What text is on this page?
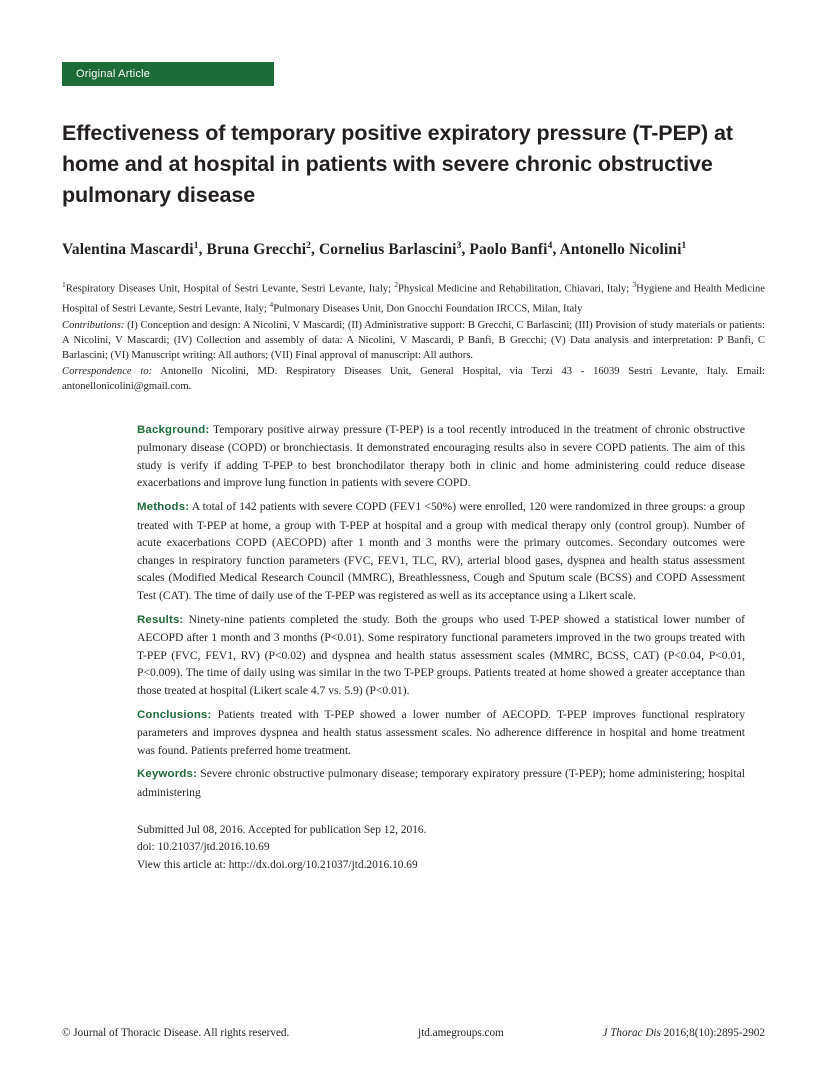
Original Article
Effectiveness of temporary positive expiratory pressure (T-PEP) at home and at hospital in patients with severe chronic obstructive pulmonary disease
Valentina Mascardi$^1$, Bruna Grecchi$^2$, Cornelius Barlascini$^3$, Paolo Banfi$^4$, Antonello Nicolini$^1$

$^1$Respiratory Diseases Unit, Hospital of Sestri Levante, Sestri Levante, Italy; $^2$Physical Medicine and Rehabilitation, Chiavari, Italy; $^3$Hygiene and Health Medicine Hospital of Sestri Levante, Sestri Levante, Italy; $^4$Pulmonary Diseases Unit, Don Gnocchi Foundation IRCCS, Milan, Italy

Contributions: (I) Conception and design: A Nicolini, V Mascardi; (II) Administrative support: B Grecchi, C Barlascini; (III) Provision of study materials or patients: A Nicolini, V Mascardi; (IV) Collection and assembly of data: A Nicolini, V Mascardi, P Banfi, B Grecchi; (V) Data analysis and interpretation: P Banfi, C Barlascini; (VI) Manuscript writing: All authors; (VII) Final approval of manuscript: All authors.

Correspondence to: Antonello Nicolini, MD. Respiratory Diseases Unit, General Hospital, via Terzi 43 - 16039 Sestri Levante, Italy. Email: antonellonicolini@gmail.com.

Background: Temporary positive airway pressure (T-PEP) is a tool recently introduced in the treatment of chronic obstructive pulmonary disease (COPD) or bronchiectasis. It demonstrated encouraging results also in severe COPD patients. The aim of this study is verify if adding T-PEP to best bronchodilator therapy both in clinic and home administering could reduce disease exacerbations and improve lung function in patients with severe COPD.

Methods: A total of 142 patients with severe COPD (FEV1 <50%) were enrolled, 120 were randomized in three groups: a group treated with T-PEP at home, a group with T-PEP at hospital and a group with medical therapy only (control group). Number of acute exacerbations COPD (AECOPD) after 1 month and 3 months were the primary outcomes. Secondary outcomes were changes in respiratory function parameters (FVC, FEV1, TLC, RV), arterial blood gases, dyspnea and health status assessment scales (Modified Medical Research Council (MMRC), Breathlessness, Cough and Sputum scale (BCSS) and COPD Assessment Test (CAT). The time of daily use of the T-PEP was registered as well as its acceptance using a Likert scale.

Results: Ninety-nine patients completed the study. Both the groups who used T-PEP showed a statistical lower number of AECOPD after 1 month and 3 months (P<0.01). Some respiratory functional parameters improved in the two groups treated with T-PEP (FVC, FEV1, RV) (P<0.02) and dyspnea and health status assessment scales (MMRC, BCSS, CAT) (P<0.04, P<0.01, P<0.009). The time of daily using was similar in the two T-PEP groups. Patients treated at home showed a greater acceptance than those treated at hospital (Likert scale 4.7 vs. 5.9) (P<0.01).

Conclusions: Patients treated with T-PEP showed a lower number of AECOPD. T-PEP improves functional respiratory parameters and improves dyspnea and health status assessment scales. No adherence difference in hospital and home treatment was found. Patients preferred home treatment.

Keywords: Severe chronic obstructive pulmonary disease; temporary expiratory pressure (T-PEP); home administering; hospital administering

Submitted Jul 08, 2016. Accepted for publication Sep 12, 2016.
doi: 10.21037/jtd.2016.10.69
View this article at: http://dx.doi.org/10.21037/jtd.2016.10.69
© Journal of Thoracic Disease. All rights reserved.	jtd.amegroups.com	J Thorac Dis 2016;8(10):2895-2902
